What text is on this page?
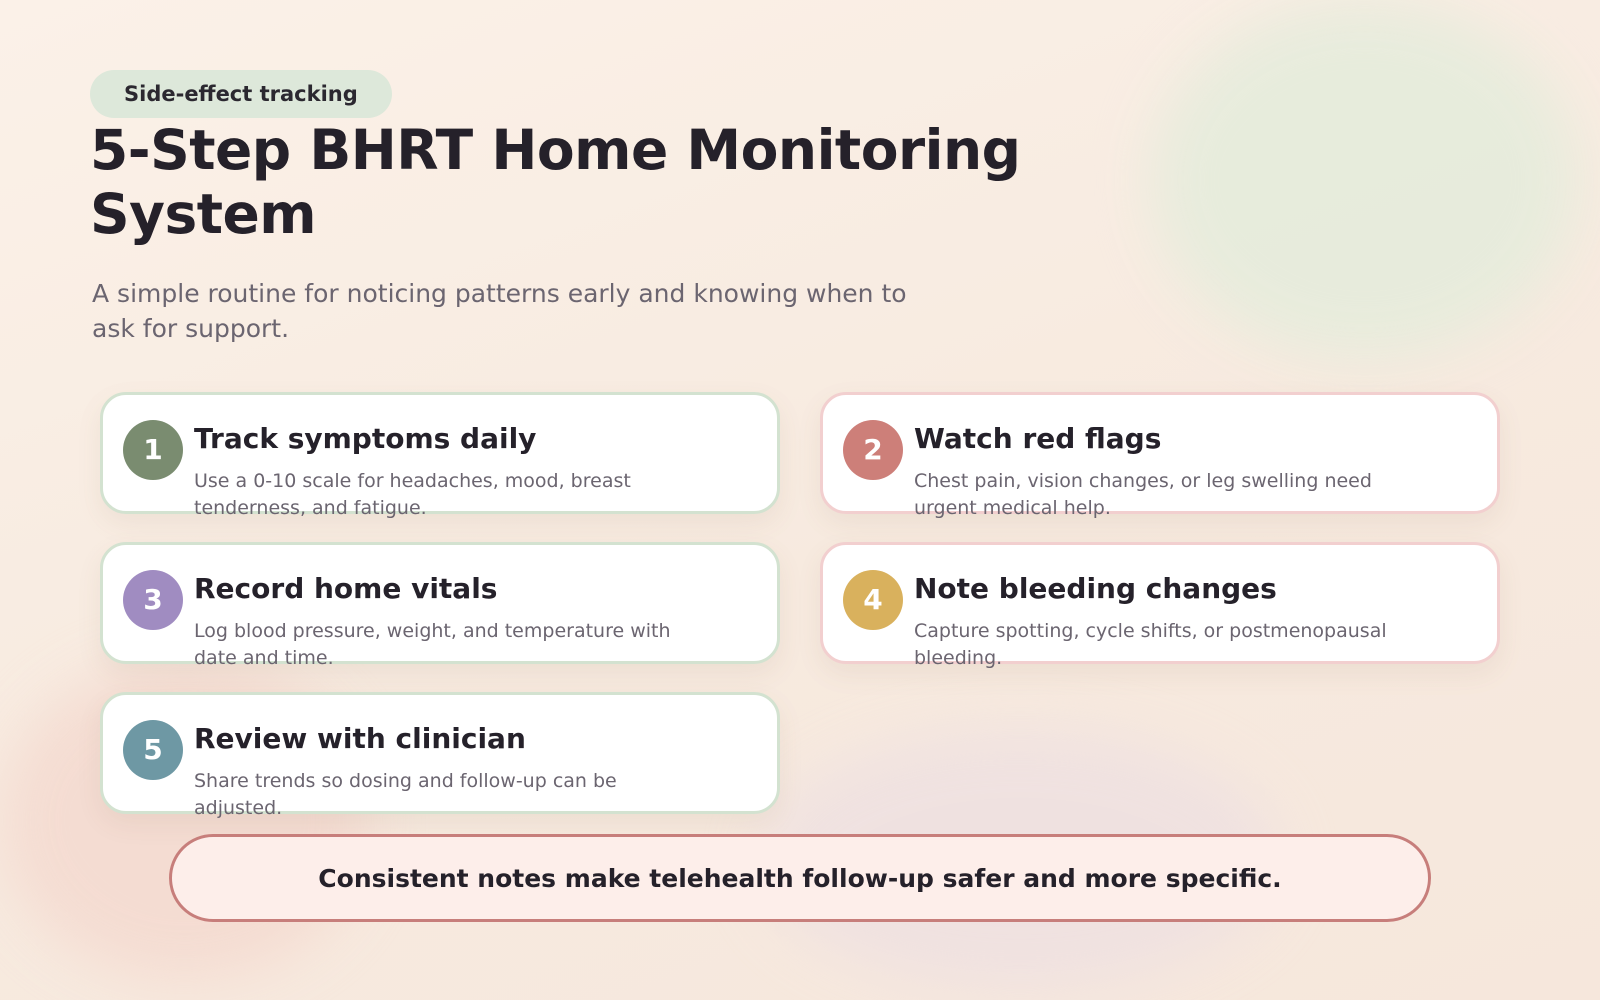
Side-effect tracking
5-Step BHRT Home Monitoring System

A simple routine for noticing patterns early and knowing when to ask for support.

1	Track symptoms daily

Use a 0-10 scale for headaches, mood, breast tenderness, and fatigue.

2	Watch red flags

Chest pain, vision changes, or leg swelling need urgent medical help.

3	Record home vitals

Log blood pressure, weight, and temperature with date and time.

4	Note bleeding changes

Capture spotting, cycle shifts, or postmenopausal bleeding.

5	Review with clinician

Share trends so dosing and follow-up can be adjusted.

Consistent notes make telehealth follow-up safer and more specific.
